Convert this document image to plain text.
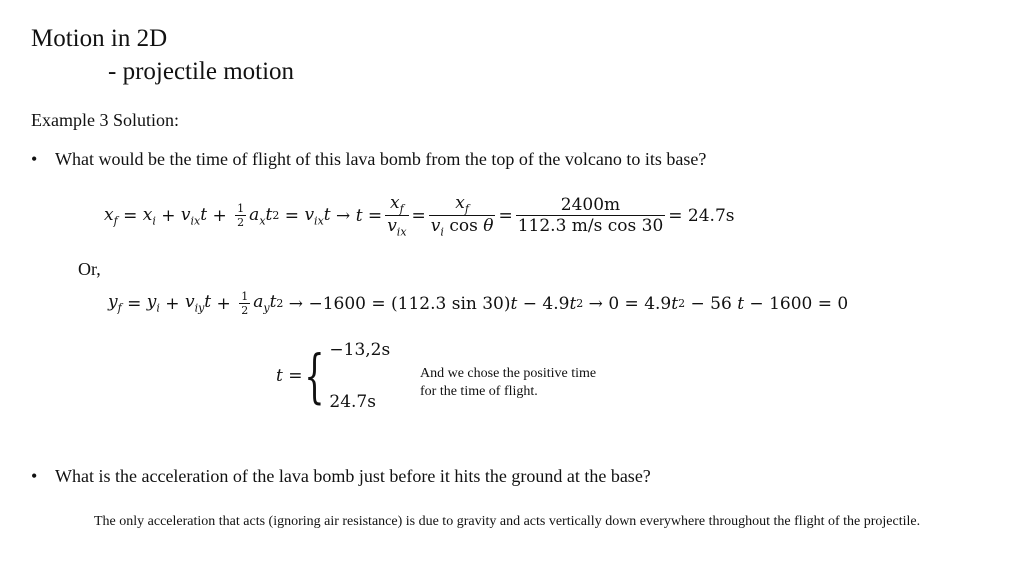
Motion in 2D
- projectile motion
Example 3 Solution:
• What would be the time of flight of this lava bomb from the top of the volcano to its base?
$x_f = x_i + v_{ix}t + \frac{1}{2} a_xt$ $2 = v_{ix}t \to t = \frac{x_f}{v_{ix}} = \frac{x_f}{v_i \cos \theta} = \frac{2400m}{\text{112.3 m/s cos 30}} = 24.7s$
Or,
$y_f = y_i + v_{iy}t + \frac{1}{2} a_yt$ 2 → −1600 = (112.3 sin 30) t − 4.9 t 2 → 0 = 4.9 t 2 − 56 t − 1600 = 0
t = { −13,2s
24.7s
And we chose the positive time for the time of flight.
• What is the acceleration of the lava bomb just before it hits the ground at the base?
The only acceleration that acts (ignoring air resistance) is due to gravity and acts vertically down everywhere throughout the flight of the projectile.
